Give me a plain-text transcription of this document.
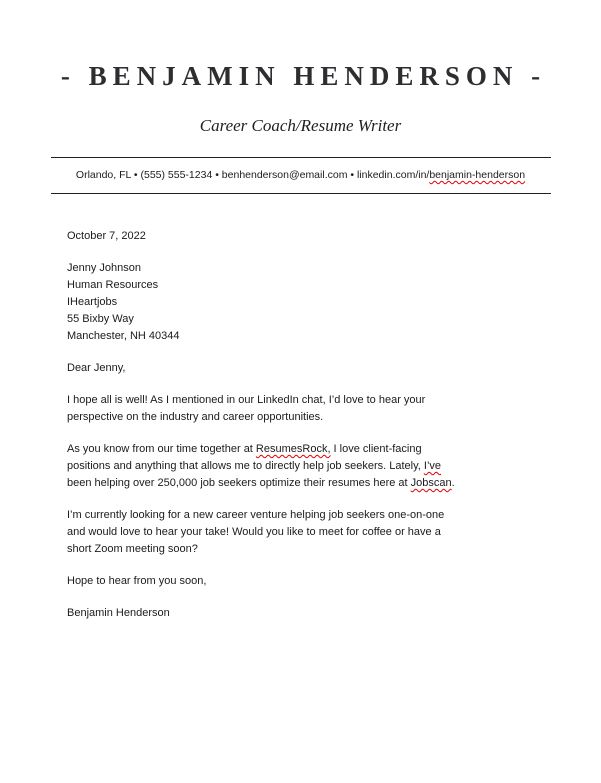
- BENJAMIN HENDERSON -
Career Coach/Resume Writer
Orlando, FL • (555) 555-1234 • benhenderson@email.com • linkedin.com/in/benjamin-henderson
October 7, 2022
Jenny Johnson
Human Resources
IHeartjobs
55 Bixby Way
Manchester, NH 40344
Dear Jenny,
I hope all is well! As I mentioned in our LinkedIn chat, I’d love to hear your
perspective on the industry and career opportunities.
As you know from our time together at ResumesRock, I love client-facing
positions and anything that allows me to directly help job seekers. Lately, I’ve
been helping over 250,000 job seekers optimize their resumes here at Jobscan.
I’m currently looking for a new career venture helping job seekers one-on-one
and would love to hear your take! Would you like to meet for coffee or have a
short Zoom meeting soon?
Hope to hear from you soon,
Benjamin Henderson
